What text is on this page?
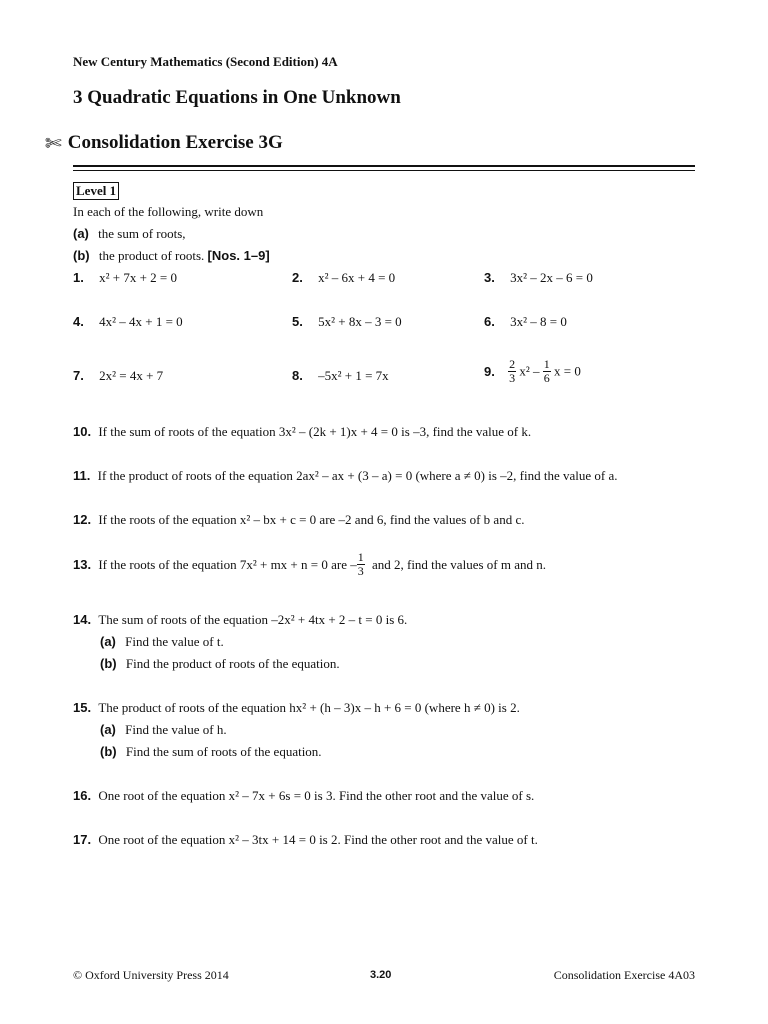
New Century Mathematics (Second Edition) 4A
3 Quadratic Equations in One Unknown
✄ Consolidation Exercise 3G
Level 1
In each of the following, write down
(a) the sum of roots,
(b) the product of roots. [Nos. 1–9]
1. x² + 7x + 2 = 0	2. x² – 6x + 4 = 0	3. 3x² – 2x – 6 = 0
4. 4x² – 4x + 1 = 0	5. 5x² + 8x – 3 = 0	6. 3x² – 8 = 0
7. 2x² = 4x + 7	8. –5x² + 1 = 7x	9. $\frac{2}{3} x^2 - \frac{1}{6}$ x = 0
10. If the sum of roots of the equation 3x² – (2k + 1)x + 4 = 0 is –3, find the value of k.
11. If the product of roots of the equation 2ax² – ax + (3 – a) = 0 (where a ≠ 0) is –2, find the value of a.
12. If the roots of the equation x² – bx + c = 0 are –2 and 6, find the values of b and c.
13. If the roots of the equation 7x² + mx + n = 0 are – $\frac{1}{3}$ and 2, find the values of m and n.
14. The sum of roots of the equation –2x² + 4tx + 2 – t = 0 is 6.
(a) Find the value of t.
(b) Find the product of roots of the equation.
15. The product of roots of the equation hx² + (h – 3)x – h + 6 = 0 (where h ≠ 0) is 2.
(a) Find the value of h.
(b) Find the sum of roots of the equation.
16. One root of the equation x² – 7x + 6s = 0 is 3. Find the other root and the value of s.
17. One root of the equation x² – 3tx + 14 = 0 is 2. Find the other root and the value of t.
© Oxford University Press 2014	3.20	Consolidation Exercise 4A03
